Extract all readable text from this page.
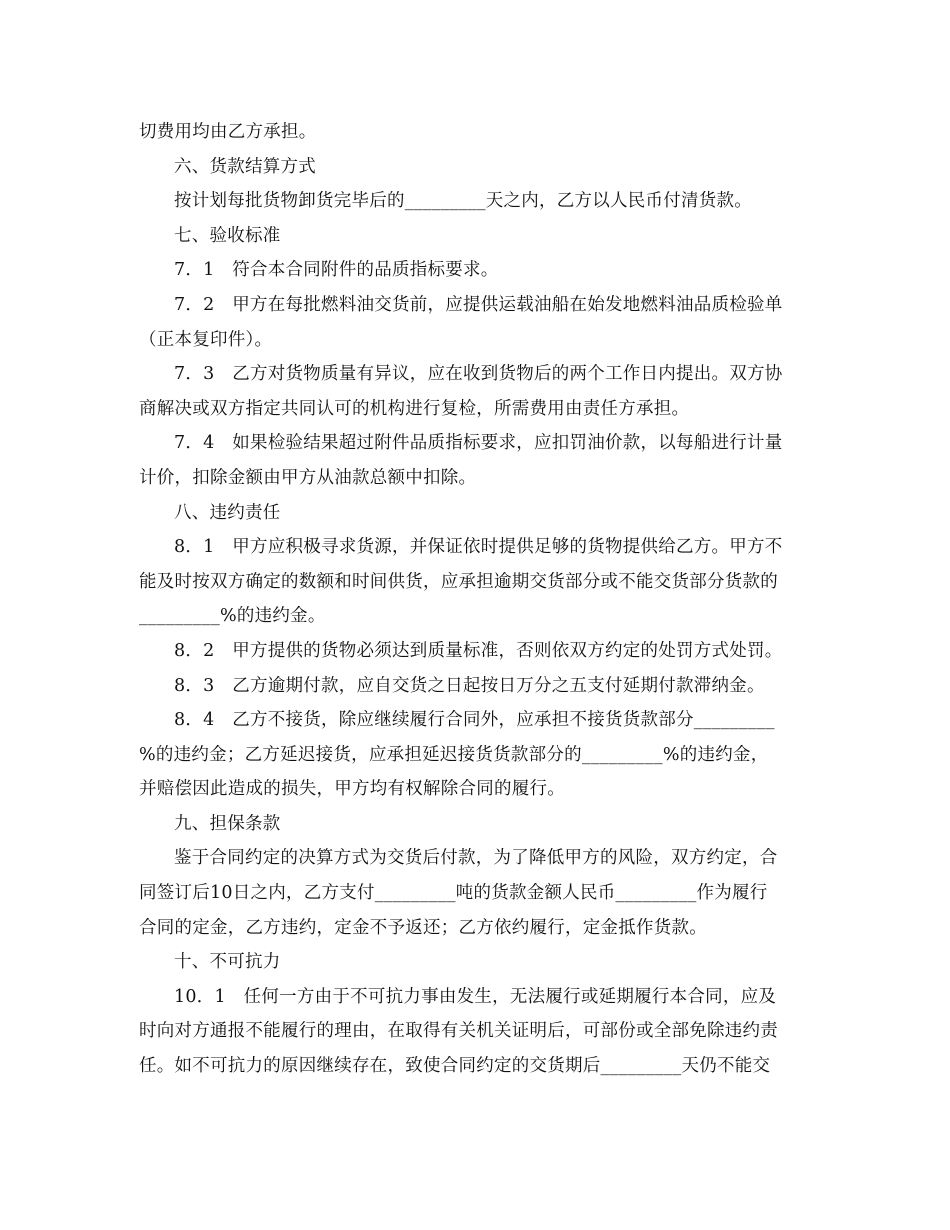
切费用均由乙方承担。
六、货款结算方式
按计划每批货物卸货完毕后的_________天之内，乙方以人民币付清货款。
七、验收标准
7．1　符合本合同附件的品质指标要求。
7．2　甲方在每批燃料油交货前，应提供运载油船在始发地燃料油品质检验单
（正本复印件）。
7．3　乙方对货物质量有异议，应在收到货物后的两个工作日内提出。双方协
商解决或双方指定共同认可的机构进行复检，所需费用由责任方承担。
7．4　如果检验结果超过附件品质指标要求，应扣罚油价款，以每船进行计量
计价，扣除金额由甲方从油款总额中扣除。
八、违约责任
8．1　甲方应积极寻求货源，并保证依时提供足够的货物提供给乙方。甲方不
能及时按双方确定的数额和时间供货，应承担逾期交货部分或不能交货部分货款的
_________%的违约金。
8．2　甲方提供的货物必须达到质量标准，否则依双方约定的处罚方式处罚。
8．3　乙方逾期付款，应自交货之日起按日万分之五支付延期付款滞纳金。
8．4　乙方不接货，除应继续履行合同外，应承担不接货货款部分_________
%的违约金；乙方延迟接货，应承担延迟接货货款部分的_________%的违约金，
并赔偿因此造成的损失，甲方均有权解除合同的履行。
九、担保条款
鉴于合同约定的决算方式为交货后付款，为了降低甲方的风险，双方约定，合
同签订后10日之内，乙方支付_________吨的货款金额人民币_________作为履行
合同的定金，乙方违约，定金不予返还；乙方依约履行，定金抵作货款。
十、不可抗力
10．1　任何一方由于不可抗力事由发生，无法履行或延期履行本合同，应及
时向对方通报不能履行的理由，在取得有关机关证明后，可部份或全部免除违约责
任。如不可抗力的原因继续存在，致使合同约定的交货期后_________天仍不能交
